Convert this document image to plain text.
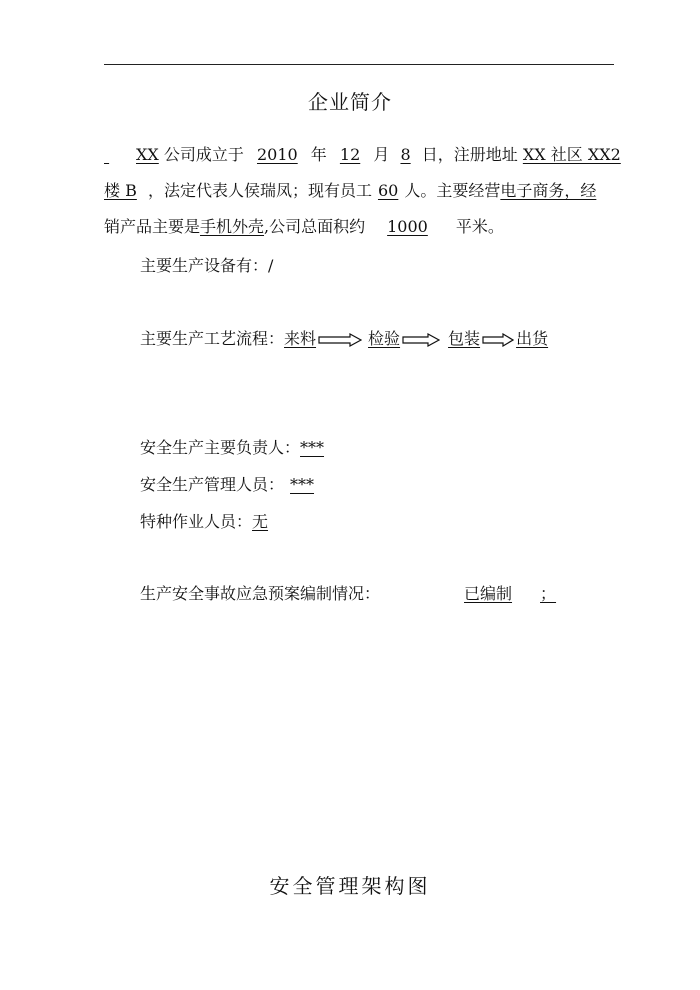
企业简介
XX 公司成立于 2010 年 12 月 8 日，注册地址 XX 社区 XX2
楼 B ，法定代表人侯瑞凤；现有员工 60 人。主要经营电子商务，经
销产品主要是手机外壳,公司总面积约 1000 平米。
主要生产设备有：/
主要生产工艺流程：来料	检验	包装 出货
安全生产主要负责人：***
安全生产管理人员： ***
特种作业人员：无
生产安全事故应急预案编制情况：	已编制 ；
安全管理架构图
